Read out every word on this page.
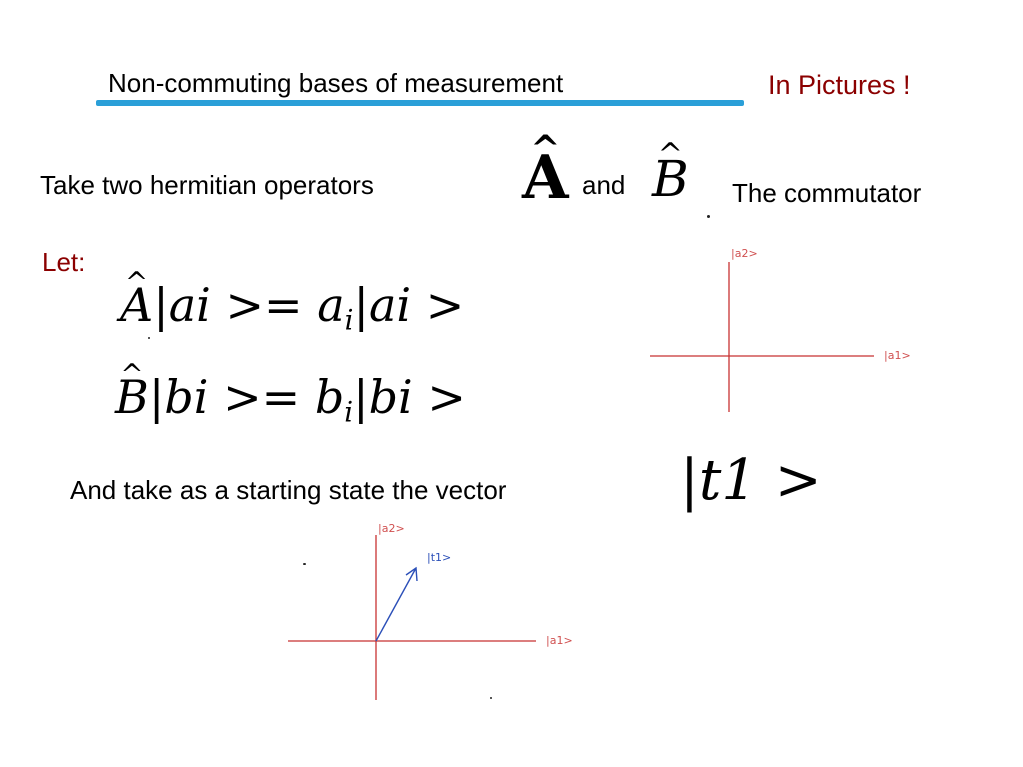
Non-commuting bases of measurement	In Pictures !
Take two hermitian operators ^ A and ^ B The commutator
Let:
^ $A|ai >= a_i|ai$ >
^ $B|bi >= b_i|bi$ >
|a2>
|a1>
And take as a starting state the vector	|t1 >
|a2>
|t1>
|a1>
